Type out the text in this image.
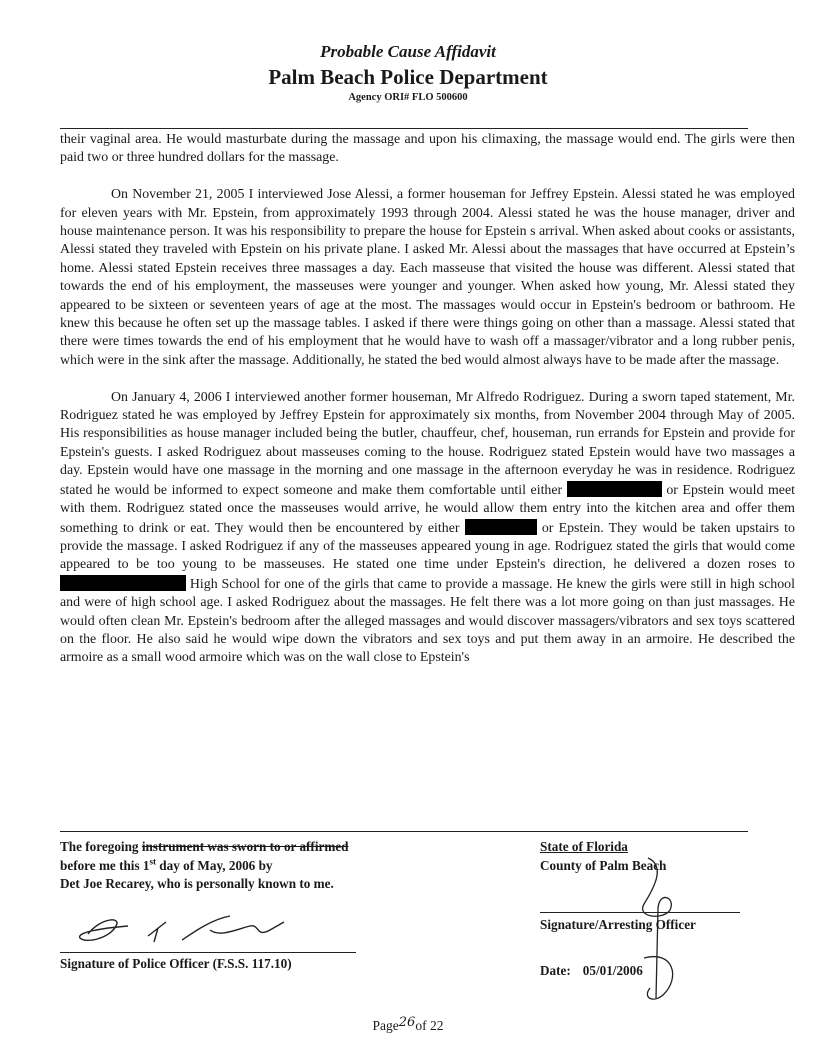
Probable Cause Affidavit
Palm Beach Police Department
Agency ORI# FLO 500600

their vaginal area. He would masturbate during the massage and upon his climaxing, the massage would end. The girls were then paid two or three hundred dollars for the massage.

On November 21, 2005 I interviewed Jose Alessi, a former houseman for Jeffrey Epstein. Alessi stated he was employed for eleven years with Mr. Epstein, from approximately 1993 through 2004. Alessi stated he was the house manager, driver and house maintenance person. It was his responsibility to prepare the house for Epstein s arrival. When asked about cooks or assistants, Alessi stated they traveled with Epstein on his private plane. I asked Mr. Alessi about the massages that have occurred at Epstein’s home. Alessi stated Epstein receives three massages a day. Each masseuse that visited the house was different. Alessi stated that towards the end of his employment, the masseuses were younger and younger. When asked how young, Mr. Alessi stated they appeared to be sixteen or seventeen years of age at the most. The massages would occur in Epstein's bedroom or bathroom. He knew this because he often set up the massage tables. I asked if there were things going on other than a massage. Alessi stated that there were times towards the end of his employment that he would have to wash off a massager/vibrator and a long rubber penis, which were in the sink after the massage. Additionally, he stated the bed would almost always have to be made after the massage.

On January 4, 2006 I interviewed another former houseman, Mr Alfredo Rodriguez. During a sworn taped statement, Mr. Rodriguez stated he was employed by Jeffrey Epstein for approximately six months, from November 2004 through May of 2005. His responsibilities as house manager included being the butler, chauffeur, chef, houseman, run errands for Epstein and provide for Epstein's guests. I asked Rodriguez about masseuses coming to the house. Rodriguez stated Epstein would have two massages a day. Epstein would have one massage in the morning and one massage in the afternoon everyday he was in residence. Rodriguez stated he would be informed to expect someone and make them comfortable until either	or Epstein would meet with them. Rodriguez stated once the masseuses would arrive, he would allow them entry into the kitchen area and offer them something to drink or eat. They would then be encountered by either	or Epstein. They would be taken upstairs to provide the massage. I asked Rodriguez if any of the masseuses appeared young in age. Rodriguez stated the girls that would come appeared to be too young to be masseuses. He stated one time under Epstein's direction, he delivered a dozen roses to  High School for one of the girls that came to provide a massage. He knew the girls were still in high school and were of high school age. I asked Rodriguez about the massages. He felt there was a lot more going on than just massages. He would often clean Mr. Epstein's bedroom after the alleged massages and would discover massagers/vibrators and sex toys scattered on the floor. He also said he would wipe down the vibrators and sex toys and put them away in an armoire. He described the armoire as a small wood armoire which was on the wall close to Epstein's

The foregoing instrument was sworn to or affirmed
before me this 1st day of May, 2006 by
Det Joe Recarey, who is personally known to me.
Signature of Police Officer (F.S.S. 117.10)
State of Florida
County of Palm Beach
Signature/Arresting Officer
Date: 05/01/2006
Page26of 22
